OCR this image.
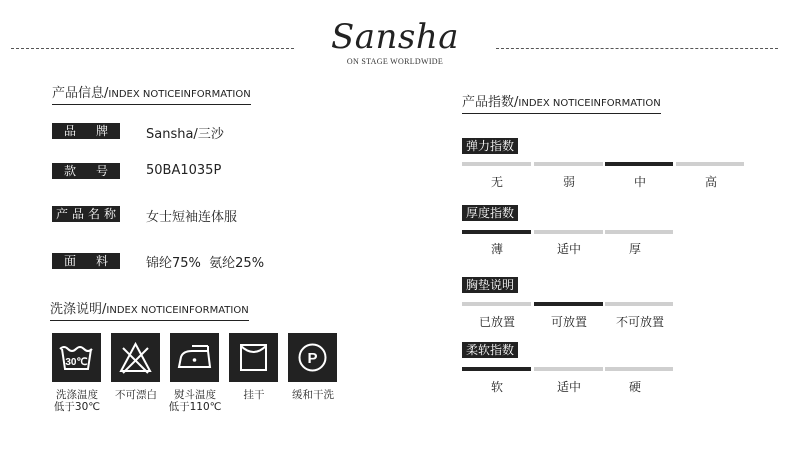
Sansha
ON STAGE WORLDWIDE
产品信息/INDEX NOTICEINFORMATION
品牌	Sansha/三沙
款号	50BA1035P
产品名称	女士短袖连体服
面料	锦纶75%  氨纶25%
洗涤说明/INDEX NOTICEINFORMATION
30℃	P
洗涤温度
低于30℃
不可漂白	熨斗温度
低于110℃
挂干	缓和干洗
产品指数/INDEX NOTICEINFORMATION
弹力指数
无	弱	中	高
厚度指数
薄	适中	厚
胸垫说明
已放置	可放置	不可放置
柔软指数
软	适中	硬
